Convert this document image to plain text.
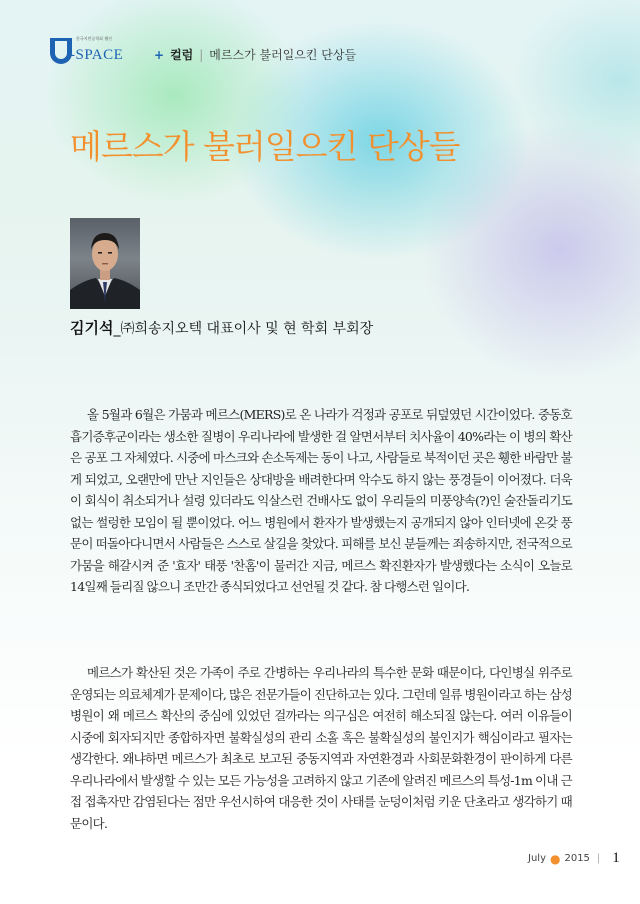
한국지반공학회 웹진
-SPACE	+ 컬럼 | 메르스가 불러일으킨 단상들
메르스가 불러일으킨 단상들
김기석_㈜희송지오텍 대표이사 및 현 학회 부회장

올 5월과 6월은 가뭄과 메르스(MERS)로 온 나라가 걱정과 공포로 뒤덮였던 시간이었다. 중동호흡기증후군이라는 생소한 질병이 우리나라에 발생한 걸 알면서부터 치사율이 40%라는 이 병의 확산은 공포 그 자체였다. 시중에 마스크와 손소독제는 동이 나고, 사람들로 북적이던 곳은 휑한 바람만 불게 되었고, 오랜만에 만난 지인들은 상대방을 배려한다며 악수도 하지 않는 풍경들이 이어졌다. 더욱이 회식이 취소되거나 설령 있더라도 익살스런 건배사도 없이 우리들의 미풍양속(?)인 술잔돌리기도 없는 썰렁한 모임이 될 뿐이었다. 어느 병원에서 환자가 발생했는지 공개되지 않아 인터넷에 온갖 풍문이 떠돌아다니면서 사람들은 스스로 살길을 찾았다. 피해를 보신 분들께는 죄송하지만, 전국적으로 가뭄을 해갈시켜 준 '효자' 태풍 '찬홈'이 물러간 지금, 메르스 확진환자가 발생했다는 소식이 오늘로 14일째 들리질 않으니 조만간 종식되었다고 선언될 것 같다. 참 다행스런 일이다.

메르스가 확산된 것은 가족이 주로 간병하는 우리나라의 특수한 문화 때문이다, 다인병실 위주로 운영되는 의료체계가 문제이다, 많은 전문가들이 진단하고는 있다. 그런데 일류 병원이라고 하는 삼성병원이 왜 메르스 확산의 중심에 있었던 걸까라는 의구심은 여전히 해소되질 않는다. 여러 이유들이 시중에 회자되지만 종합하자면 불확실성의 관리 소홀 혹은 불확실성의 불인지가 핵심이라고 필자는 생각한다. 왜냐하면 메르스가 최초로 보고된 중동지역과 자연환경과 사회문화환경이 판이하게 다른 우리나라에서 발생할 수 있는 모든 가능성을 고려하지 않고 기존에 알려진 메르스의 특성-1m 이내 근접 접촉자만 감염된다는 점만 우선시하여 대응한 것이 사태를 눈덩이처럼 키운 단초라고 생각하기 때문이다.

July ● 2015 | 1
